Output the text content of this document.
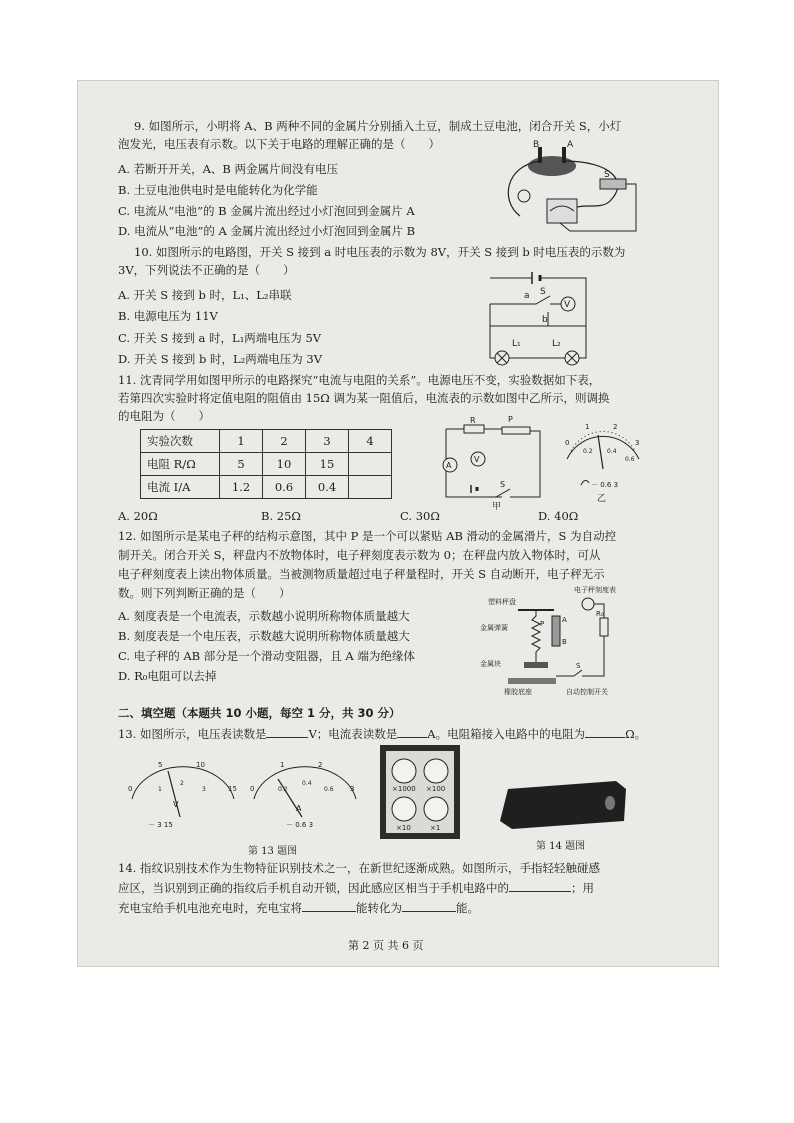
9. 如图所示，小明将 A、B 两种不同的金属片分别插入土豆，制成土豆电池，闭合开关 S，小灯
泡发光，电压表有示数。以下关于电路的理解正确的是（　　）
A. 若断开开关，A、B 两金属片间没有电压
B. 土豆电池供电时是电能转化为化学能
C. 电流从“电池”的 B 金属片流出经过小灯泡回到金属片 A
D. 电流从“电池”的 A 金属片流出经过小灯泡回到金属片 B
B	A
S
10. 如图所示的电路图，开关 S 接到 a 时电压表的示数为 8V，开关 S 接到 b 时电压表的示数为
3V，下列说法不正确的是（　　）
A. 开关 S 接到 b 时，L₁、L₂串联
B. 电源电压为 11V
C. 开关 S 接到 a 时，L₁两端电压为 5V
D. 开关 S 接到 b 时，L₂两端电压为 3V
a S
V
b
L₁	L₂
11. 沈青同学用如图甲所示的电路探究“电流与电阻的关系”。电源电压不变，实验数据如下表，
若第四次实验时将定值电阻的阻值由 15Ω 调为某一阻值后，电流表的示数如图中乙所示，则调换
的电阻为（　　）
实验次数	1	2	3	4
电阻 R/Ω	5	10	15	
电流 I/A	1.2	0.6	0.4	
R	P
V
A
S
甲
0
1	2
3
0.2 0.4
0.6
－ 0.6 3
乙
A. 20Ω	B. 25Ω	C. 30Ω	D. 40Ω
12. 如图所示是某电子秤的结构示意图，其中 P 是一个可以紧贴 AB 滑动的金属滑片，S 为自动控
制开关。闭合开关 S，秤盘内不放物体时，电子秤刻度表示数为 0；在秤盘内放入物体时，可从
电子秤刻度表上读出物体质量。当被测物质量超过电子秤量程时，开关 S 自动断开，电子秤无示
数。则下列判断正确的是（　　）
A. 刻度表是一个电流表，示数越小说明所称物体质量越大
B. 刻度表是一个电压表，示数越大说明所称物体质量越大
C. 电子秤的 AB 部分是一个滑动变阻器，且 A 端为绝缘体
D. R₀电阻可以去掉
电子秤刻度表
塑料秤盘
金属弹簧
A
B
P
R₀
金属块
橡胶底座
S
自动控制开关
二、填空题（本题共 10 小题，每空 1 分，共 30 分）
13. 如图所示，电压表读数是	V；电流表读数是	A。电阻箱接入电路中的电阻为	Ω。
0
5	10
15
1
2
3
V
－ 3 15
0
1	2
3
0.2
0.4
0.6
A
－ 0.6 3
×1000 ×100
×10	×1
第 13 题图	第 14 题图
14. 指纹识别技术作为生物特征识别技术之一，在新世纪逐渐成熟。如图所示，手指轻轻触碰感
应区，当识别到正确的指纹后手机自动开锁，因此感应区相当于手机电路中的	；用
充电宝给手机电池充电时，充电宝将	能转化为	能。
第 2 页 共 6 页
